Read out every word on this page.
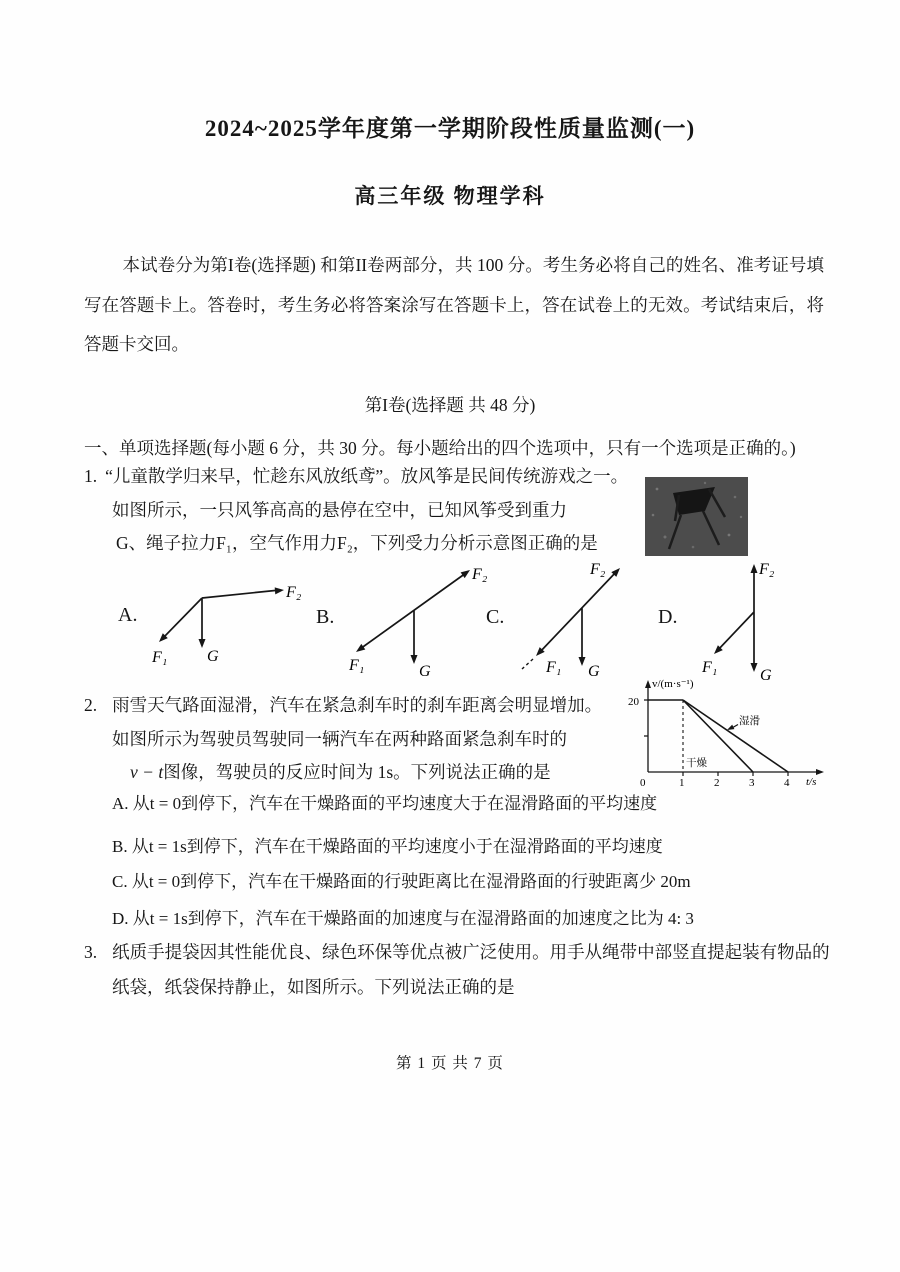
2024~2025学年度第一学期阶段性质量监测(一)
高三年级 物理学科
本试卷分为第I卷(选择题) 和第II卷两部分，共 100 分。考生务必将自己的姓名、准考证号填写在答题卡上。答卷时，考生务必将答案涂写在答题卡上，答在试卷上的无效。考试结束后，将答题卡交回。
第I卷(选择题 共 48 分)
一、单项选择题(每小题 6 分，共 30 分。每小题给出的四个选项中，只有一个选项是正确的。)
1. “儿童散学归来早，忙趁东风放纸鸢”。放风筝是民间传统游戏之一。
如图所示，一只风筝高高的悬停在空中，已知风筝受到重力
G、绳子拉力F₁，空气作用力F₂，下列受力分析示意图正确的是
A.
F₂
F₁ G
B.
F₂
F₁	G
C.
F₂
F₁ G
D.
F₂
F₁	G
2. 雨雪天气路面湿滑，汽车在紧急刹车时的刹车距离会明显增加。
如图所示为驾驶员驾驶同一辆汽车在两种路面紧急刹车时的
v − t图像，驾驶员的反应时间为 1s。下列说法正确的是
v/(m·s⁻¹)
20
0	1	2	3	4 t/s
干燥
湿滑
A. 从t = 0到停下，汽车在干燥路面的平均速度大于在湿滑路面的平均速度
B. 从t = 1s到停下，汽车在干燥路面的平均速度小于在湿滑路面的平均速度
C. 从t = 0到停下，汽车在干燥路面的行驶距离比在湿滑路面的行驶距离少 20m
D. 从t = 1s到停下，汽车在干燥路面的加速度与在湿滑路面的加速度之比为 4: 3
3. 纸质手提袋因其性能优良、绿色环保等优点被广泛使用。用手从绳带中部竖直提起装有物品的
纸袋，纸袋保持静止，如图所示。下列说法正确的是
第 1 页 共 7 页
